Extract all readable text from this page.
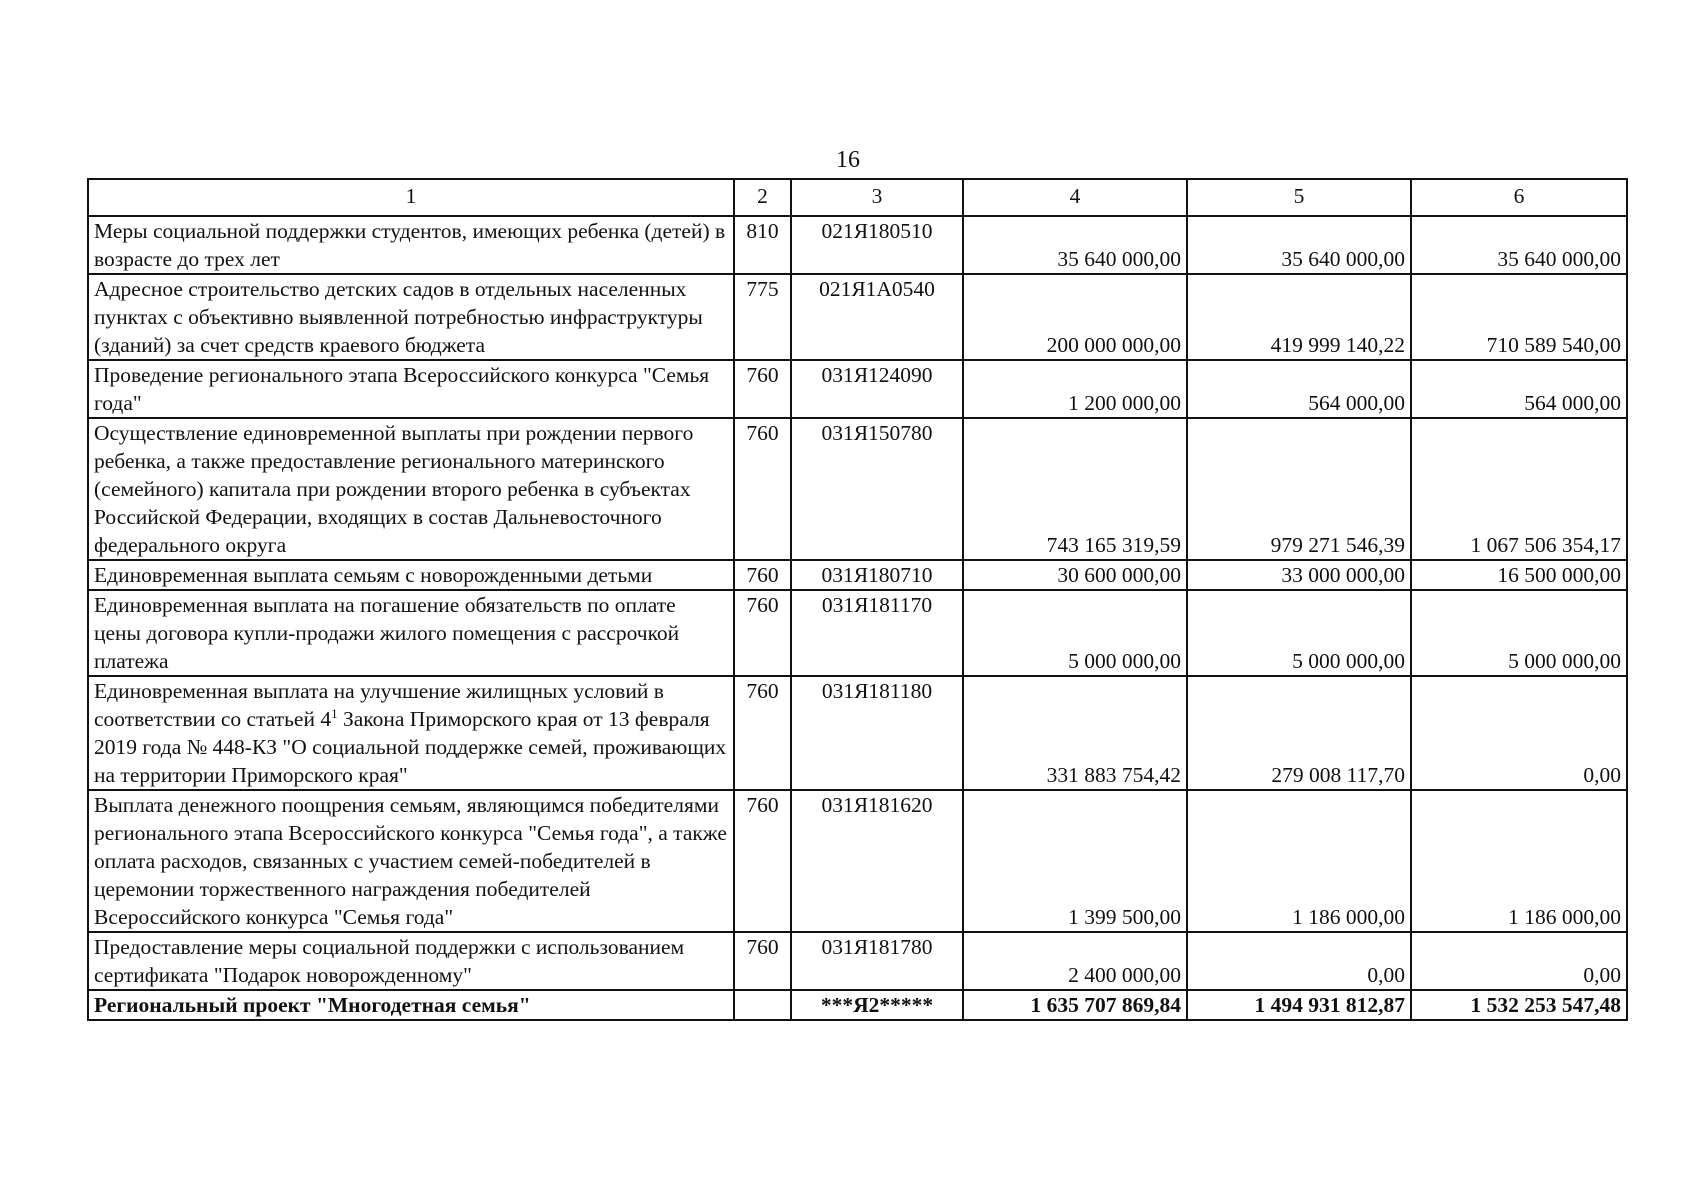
16
1	2	3	4	5	6
Меры социальной поддержки студентов, имеющих ребенка (детей) в возрасте до трех лет	810	021Я180510	35 640 000,00	35 640 000,00	35 640 000,00
Адресное строительство детских садов в отдельных населенных пунктах с объективно выявленной потребностью инфраструктуры (зданий) за счет средств краевого бюджета	775	021Я1А0540	200 000 000,00	419 999 140,22	710 589 540,00
Проведение регионального этапа Всероссийского конкурса "Семья года"	760	031Я124090	1 200 000,00	564 000,00	564 000,00
Осуществление единовременной выплаты при рождении первого ребенка, а также предоставление регионального материнского (семейного) капитала при рождении второго ребенка в субъектах Российской Федерации, входящих в состав Дальневосточного федерального округа	760	031Я150780	743 165 319,59	979 271 546,39	1 067 506 354,17
Единовременная выплата семьям с новорожденными детьми	760	031Я180710	30 600 000,00	33 000 000,00	16 500 000,00
Единовременная выплата на погашение обязательств по оплате цены договора купли-продажи жилого помещения с рассрочкой платежа	760	031Я181170	5 000 000,00	5 000 000,00	5 000 000,00
Единовременная выплата на улучшение жилищных условий в соответствии со статьей $4^1$ Закона Приморского края от 13 февраля 2019 года № 448-КЗ "О социальной поддержке семей, проживающих на территории Приморского края"	760	031Я181180	331 883 754,42	279 008 117,70	0,00
Выплата денежного поощрения семьям, являющимся победителями регионального этапа Всероссийского конкурса "Семья года", а также оплата расходов, связанных с участием семей-победителей в церемонии торжественного награждения победителей Всероссийского конкурса "Семья года"	760	031Я181620	1 399 500,00	1 186 000,00	1 186 000,00
Предоставление меры социальной поддержки с использованием сертификата "Подарок новорожденному"	760	031Я181780	2 400 000,00	0,00	0,00
Региональный проект "Многодетная семья"		***Я2*****	1 635 707 869,84	1 494 931 812,87	1 532 253 547,48
